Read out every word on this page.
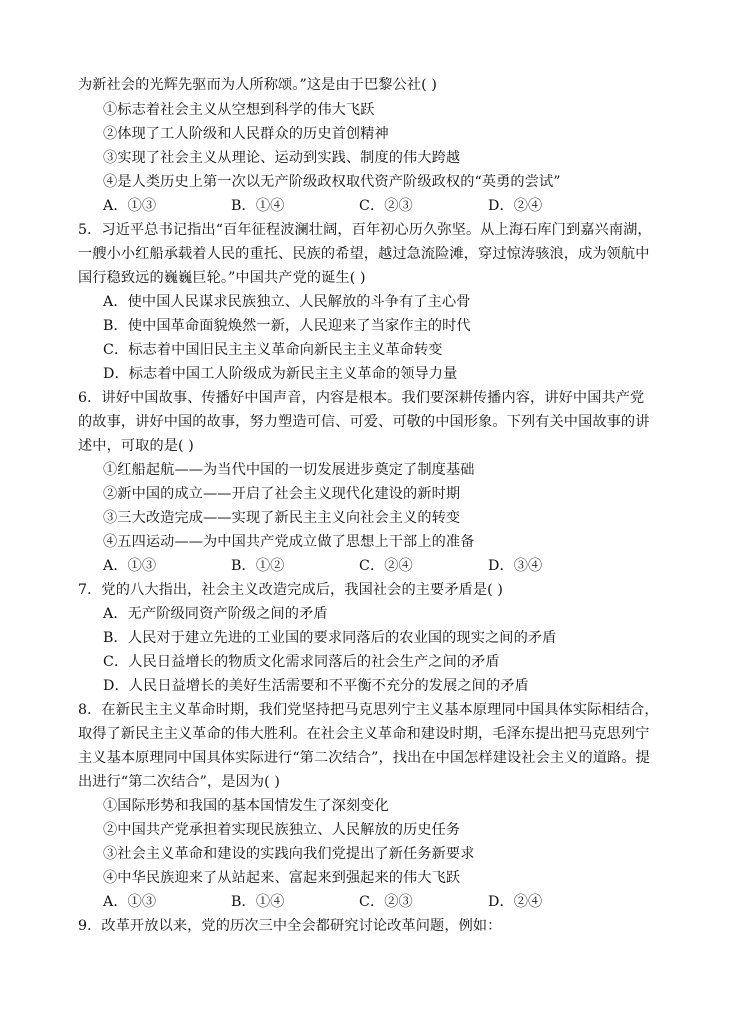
为新社会的光辉先驱而为人所称颂。”这是由于巴黎公社( )
①标志着社会主义从空想到科学的伟大飞跃
②体现了工人阶级和人民群众的历史首创精神
③实现了社会主义从理论、运动到实践、制度的伟大跨越
④是人类历史上第一次以无产阶级政权取代资产阶级政权的“英勇的尝试”
A．①③	B．①④	C．②③	D．②④
5．习近平总书记指出“百年征程波澜壮阔，百年初心历久弥坚。从上海石库门到嘉兴南湖，
一艘小小红船承载着人民的重托、民族的希望，越过急流险滩，穿过惊涛骇浪，成为领航中
国行稳致远的巍巍巨轮。”中国共产党的诞生( )
A．使中国人民谋求民族独立、人民解放的斗争有了主心骨
B．使中国革命面貌焕然一新，人民迎来了当家作主的时代
C．标志着中国旧民主主义革命向新民主主义革命转变
D．标志着中国工人阶级成为新民主主义革命的领导力量
6．讲好中国故事、传播好中国声音，内容是根本。我们要深耕传播内容，讲好中国共产党
的故事，讲好中国的故事，努力塑造可信、可爱、可敬的中国形象。下列有关中国故事的讲
述中，可取的是( )
①红船起航——为当代中国的一切发展进步奠定了制度基础
②新中国的成立——开启了社会主义现代化建设的新时期
③三大改造完成——实现了新民主主义向社会主义的转变
④五四运动——为中国共产党成立做了思想上干部上的准备
A．①③	B．①②	C．②④	D．③④
7．党的八大指出，社会主义改造完成后，我国社会的主要矛盾是( )
A．无产阶级同资产阶级之间的矛盾
B．人民对于建立先进的工业国的要求同落后的农业国的现实之间的矛盾
C．人民日益增长的物质文化需求同落后的社会生产之间的矛盾
D．人民日益增长的美好生活需要和不平衡不充分的发展之间的矛盾
8．在新民主主义革命时期，我们党坚持把马克思列宁主义基本原理同中国具体实际相结合，
取得了新民主主义革命的伟大胜利。在社会主义革命和建设时期，毛泽东提出把马克思列宁
主义基本原理同中国具体实际进行“第二次结合”，找出在中国怎样建设社会主义的道路。提
出进行“第二次结合”，是因为( )
①国际形势和我国的基本国情发生了深刻变化
②中国共产党承担着实现民族独立、人民解放的历史任务
③社会主义革命和建设的实践向我们党提出了新任务新要求
④中华民族迎来了从站起来、富起来到强起来的伟大飞跃
A．①③	B．①④	C．②③	D．②④
9．改革开放以来，党的历次三中全会都研究讨论改革问题，例如：
